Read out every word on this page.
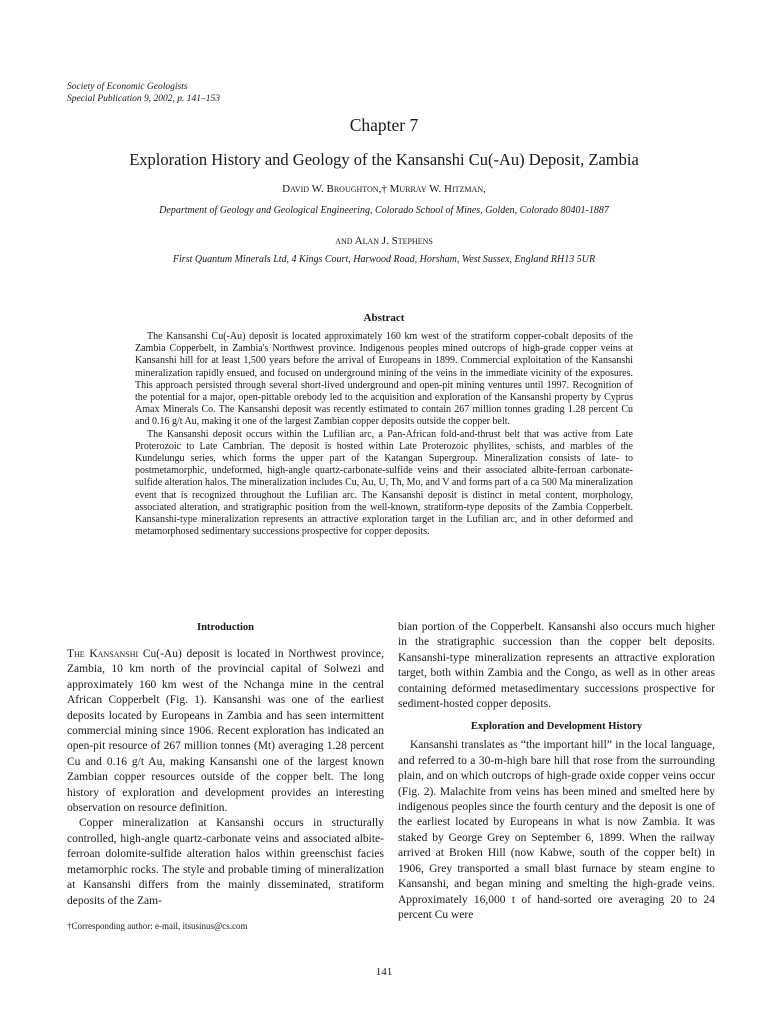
Society of Economic Geologists
Special Publication 9, 2002, p. 141–153
Chapter 7
Exploration History and Geology of the Kansanshi Cu(-Au) Deposit, Zambia
David W. Broughton,† Murray W. Hitzman,
Department of Geology and Geological Engineering, Colorado School of Mines, Golden, Colorado 80401-1887
and Alan J. Stephens
First Quantum Minerals Ltd, 4 Kings Court, Harwood Road, Horsham, West Sussex, England RH13 5UR
Abstract

The Kansanshi Cu(-Au) deposit is located approximately 160 km west of the stratiform copper-cobalt deposits of the Zambia Copperbelt, in Zambia's Northwest province. Indigenous peoples mined outcrops of high-grade copper veins at Kansanshi hill for at least 1,500 years before the arrival of Europeans in 1899. Commercial exploitation of the Kansanshi mineralization rapidly ensued, and focused on underground mining of the veins in the immediate vicinity of the exposures. This approach persisted through several short-lived underground and open-pit mining ventures until 1997. Recognition of the potential for a major, open-pittable orebody led to the acquisition and exploration of the Kansanshi property by Cyprus Amax Minerals Co. The Kansanshi deposit was recently estimated to contain 267 million tonnes grading 1.28 percent Cu and 0.16 g/t Au, making it one of the largest Zambian copper deposits outside the copper belt.

The Kansanshi deposit occurs within the Lufilian arc, a Pan-African fold-and-thrust belt that was active from Late Proterozoic to Late Cambrian. The deposit is hosted within Late Proterozoic phyllites, schists, and marbles of the Kundelungu series, which forms the upper part of the Katangan Supergroup. Mineralization consists of late- to postmetamorphic, undeformed, high-angle quartz-carbonate-sulfide veins and their associated albite-ferroan carbonate-sulfide alteration halos. The mineralization includes Cu, Au, U, Th, Mo, and V and forms part of a ca 500 Ma mineralization event that is recognized throughout the Lufilian arc. The Kansanshi deposit is distinct in metal content, morphology, associated alteration, and stratigraphic position from the well-known, stratiform-type deposits of the Zambia Copperbelt. Kansanshi-type mineralization represents an attractive exploration target in the Lufilian arc, and in other deformed and metamorphosed sedimentary successions prospective for copper deposits.

Introduction

The Kansanshi Cu(-Au) deposit is located in Northwest province, Zambia, 10 km north of the provincial capital of Solwezi and approximately 160 km west of the Nchanga mine in the central African Copperbelt (Fig. 1). Kansanshi was one of the earliest deposits located by Europeans in Zambia and has seen intermittent commercial mining since 1906. Recent exploration has indicated an open-pit resource of 267 million tonnes (Mt) averaging 1.28 percent Cu and 0.16 g/t Au, making Kansanshi one of the largest known Zambian copper resources outside of the copper belt. The long history of exploration and development provides an interesting observation on resource definition.

Copper mineralization at Kansanshi occurs in structurally controlled, high-angle quartz-carbonate veins and associated albite-ferroan dolomite-sulfide alteration halos within greenschist facies metamorphic rocks. The style and probable timing of mineralization at Kansanshi differs from the mainly disseminated, stratiform deposits of the Zam-

bian portion of the Copperbelt. Kansanshi also occurs much higher in the stratigraphic succession than the copper belt deposits. Kansanshi-type mineralization represents an attractive exploration target, both within Zambia and the Congo, as well as in other areas containing deformed metasedimentary successions prospective for sediment-hosted copper deposits.

Exploration and Development History

Kansanshi translates as “the important hill” in the local language, and referred to a 30-m-high bare hill that rose from the surrounding plain, and on which outcrops of high-grade oxide copper veins occur (Fig. 2). Malachite from veins has been mined and smelted here by indigenous peoples since the fourth century and the deposit is one of the earliest located by Europeans in what is now Zambia. It was staked by George Grey on September 6, 1899. When the railway arrived at Broken Hill (now Kabwe, south of the copper belt) in 1906, Grey transported a small blast furnace by steam engine to Kansanshi, and began mining and smelting the high-grade veins. Approximately 16,000 t of hand-sorted ore averaging 20 to 24 percent Cu were

†Corresponding author: e-mail, itsusinus@cs.com
141
